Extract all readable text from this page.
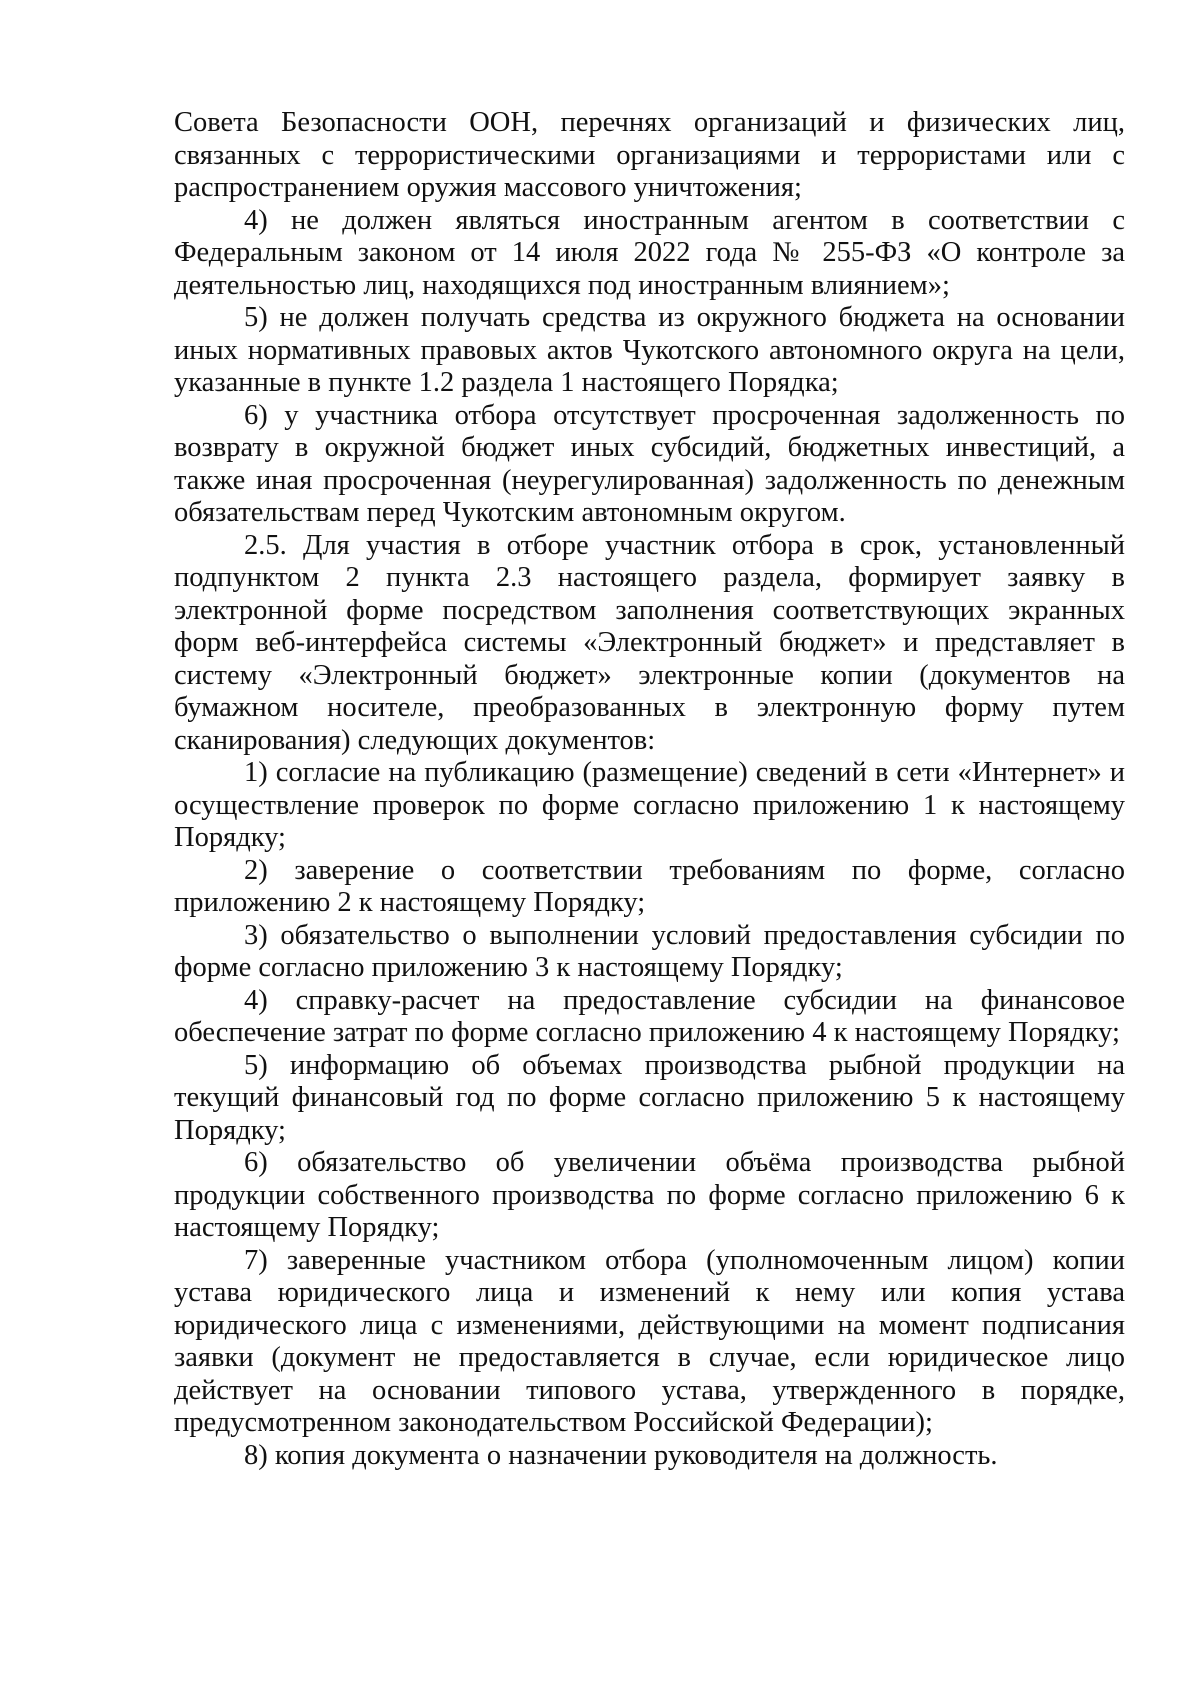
Совета Безопасности ООН, перечнях организаций и физических лиц, связанных с террористическими организациями и террористами или с распространением оружия массового уничтожения;

4) не должен являться иностранным агентом в соответствии с Федеральным законом от 14 июля 2022 года № 255-ФЗ «О контроле за деятельностью лиц, находящихся под иностранным влиянием»;

5) не должен получать средства из окружного бюджета на основании иных нормативных правовых актов Чукотского автономного округа на цели, указанные в пункте 1.2 раздела 1 настоящего Порядка;

6) у участника отбора отсутствует просроченная задолженность по возврату в окружной бюджет иных субсидий, бюджетных инвестиций, а также иная просроченная (неурегулированная) задолженность по денежным обязательствам перед Чукотским автономным округом.

2.5. Для участия в отборе участник отбора в срок, установленный подпунктом 2 пункта 2.3 настоящего раздела, формирует заявку в электронной форме посредством заполнения соответствующих экранных форм веб-интерфейса системы «Электронный бюджет» и представляет в систему «Электронный бюджет» электронные копии (документов на бумажном носителе, преобразованных в электронную форму путем сканирования) следующих документов:

1) согласие на публикацию (размещение) сведений в сети «Интернет» и осуществление проверок по форме согласно приложению 1 к настоящему Порядку;

2) заверение о соответствии требованиям по форме, согласно приложению 2 к настоящему Порядку;

3) обязательство о выполнении условий предоставления субсидии по форме согласно приложению 3 к настоящему Порядку;

4) справку-расчет на предоставление субсидии на финансовое обеспечение затрат по форме согласно приложению 4 к настоящему Порядку;

5) информацию об объемах производства рыбной продукции на текущий финансовый год по форме согласно приложению 5 к настоящему Порядку;

6) обязательство об увеличении объёма производства рыбной продукции собственного производства по форме согласно приложению 6 к настоящему Порядку;

7) заверенные участником отбора (уполномоченным лицом) копии устава юридического лица и изменений к нему или копия устава юридического лица с изменениями, действующими на момент подписания заявки (документ не предоставляется в случае, если юридическое лицо действует на основании типового устава, утвержденного в порядке, предусмотренном законодательством Российской Федерации);

8) копия документа о назначении руководителя на должность.
